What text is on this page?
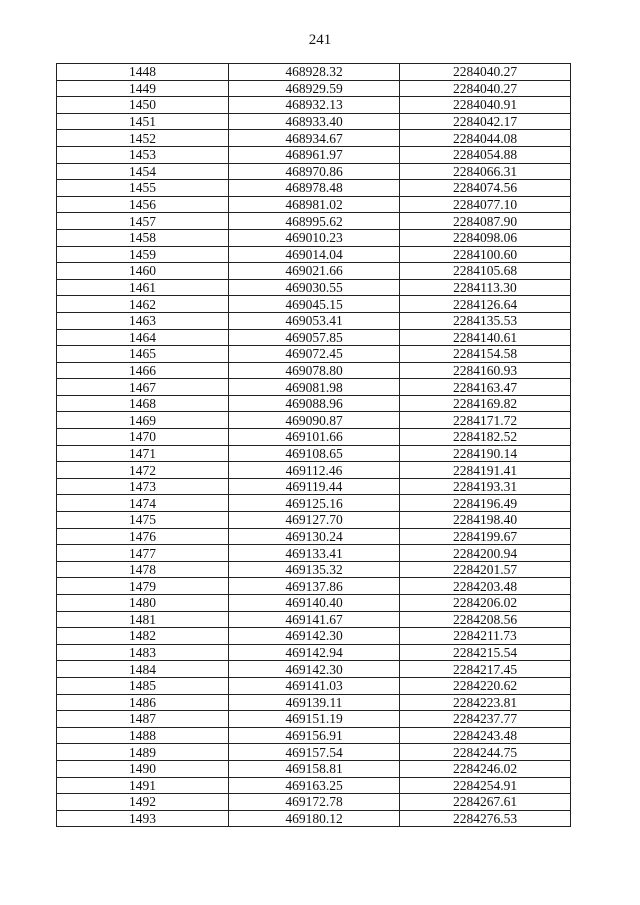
241
1448	468928.32	2284040.27
1449	468929.59	2284040.27
1450	468932.13	2284040.91
1451	468933.40	2284042.17
1452	468934.67	2284044.08
1453	468961.97	2284054.88
1454	468970.86	2284066.31
1455	468978.48	2284074.56
1456	468981.02	2284077.10
1457	468995.62	2284087.90
1458	469010.23	2284098.06
1459	469014.04	2284100.60
1460	469021.66	2284105.68
1461	469030.55	2284113.30
1462	469045.15	2284126.64
1463	469053.41	2284135.53
1464	469057.85	2284140.61
1465	469072.45	2284154.58
1466	469078.80	2284160.93
1467	469081.98	2284163.47
1468	469088.96	2284169.82
1469	469090.87	2284171.72
1470	469101.66	2284182.52
1471	469108.65	2284190.14
1472	469112.46	2284191.41
1473	469119.44	2284193.31
1474	469125.16	2284196.49
1475	469127.70	2284198.40
1476	469130.24	2284199.67
1477	469133.41	2284200.94
1478	469135.32	2284201.57
1479	469137.86	2284203.48
1480	469140.40	2284206.02
1481	469141.67	2284208.56
1482	469142.30	2284211.73
1483	469142.94	2284215.54
1484	469142.30	2284217.45
1485	469141.03	2284220.62
1486	469139.11	2284223.81
1487	469151.19	2284237.77
1488	469156.91	2284243.48
1489	469157.54	2284244.75
1490	469158.81	2284246.02
1491	469163.25	2284254.91
1492	469172.78	2284267.61
1493	469180.12	2284276.53
